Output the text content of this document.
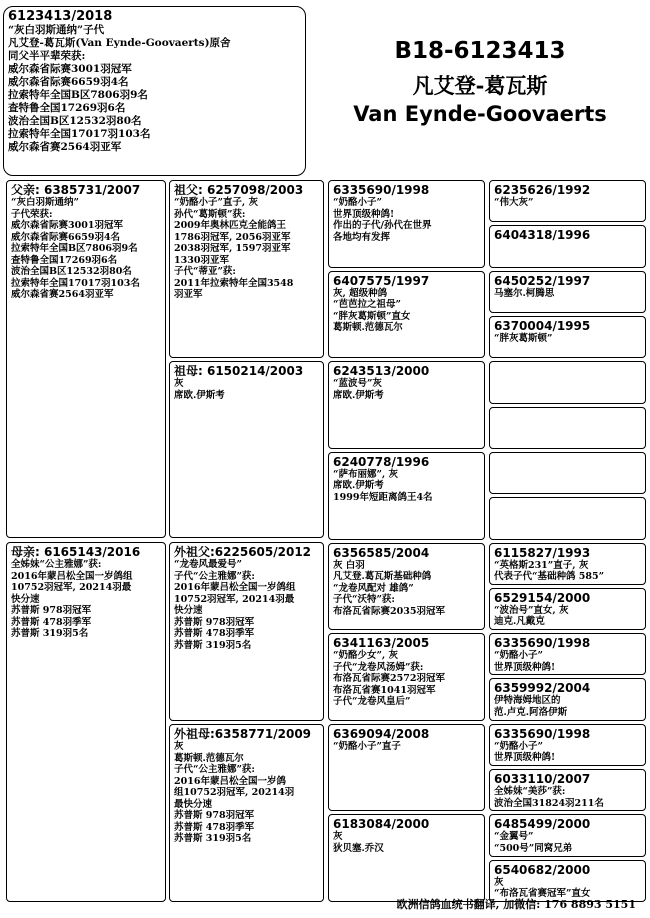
B18-6123413
凡艾登-葛瓦斯
Van Eynde-Goovaerts
6123413/2018
“灰白羽斯通纳”子代
凡艾登-葛瓦斯(Van Eynde-Goovaerts)原舍
同父半平辈荣获:
威尔森省际赛3001羽冠军
威尔森省际赛6659羽4名
拉索特年全国B区7806羽9名
查特鲁全国17269羽6名
波治全国B区12532羽80名
拉索特年全国17017羽103名
威尔森省赛2564羽亚军
父亲: 6385731/2007
“灰白羽斯通纳”
子代荣获:
威尔森省际赛3001羽冠军
威尔森省际赛6659羽4名
拉索特年全国B区7806羽9名
查特鲁全国17269羽6名
波治全国B区12532羽80名
拉索特年全国17017羽103名
威尔森省赛2564羽亚军
祖父: 6257098/2003
“奶酪小子”直子, 灰
孙代“葛斯顿”获:
2009年奥林匹克全能鸽王
1786羽冠军, 2056羽亚军
2038羽冠军, 1597羽亚军
1330羽亚军
子代“蒂亚”获:
2011年拉索特年全国3548
羽亚军
祖母: 6150214/2003
灰
席欧.伊斯考
母亲: 6165143/2016
全姊妹“公主雅娜”获:
2016年蒙吕松全国一岁鸽组
10752羽冠军, 20214羽最
快分速
苏普斯 978羽冠军
苏普斯 478羽季军
苏普斯 319羽5名
外祖父:6225605/2012
“龙卷风最爱号”
子代“公主雅娜”获:
2016年蒙吕松全国一岁鸽组
10752羽冠军, 20214羽最
快分速
苏普斯 978羽冠军
苏普斯 478羽季军
苏普斯 319羽5名
外祖母:6358771/2009
灰
葛斯顿.范德瓦尔
子代“公主雅娜”获:
2016年蒙吕松全国一岁鸽
组10752羽冠军, 20214羽
最快分速
苏普斯 978羽冠军
苏普斯 478羽季军
苏普斯 319羽5名
6335690/1998
“奶酪小子”
世界顶级种鸽!
作出的子代/孙代在世界
各地均有发挥
6407575/1997
灰, 超级种鸽
“芭芭拉之祖母”
“胖灰葛斯顿”直女
葛斯顿.范德瓦尔
6243513/2000
“蓝波号”灰
席欧.伊斯考
6240778/1996
“萨布丽娜”, 灰
席欧.伊斯考
1999年短距离鸽王4名
6356585/2004
灰 白羽
凡艾登.葛瓦斯基础种鸽
“龙卷风配对 雄鸽”
子代“沃特”获:
布洛瓦省际赛2035羽冠军
6341163/2005
“奶酪少女”, 灰
子代“龙卷风汤姆”获:
布洛瓦省际赛2572羽冠军
布洛瓦省赛1041羽冠军
子代“龙卷风皇后”
6369094/2008
“奶酪小子”直子
6183084/2000
灰
狄贝塞.乔汉
6235626/1992
“伟大灰”
6404318/1996
6450252/1997
马塞尔.柯腾思
6370004/1995
“胖灰葛斯顿”
6115827/1993
“英格斯231”直子, 灰
代表子代“基础种鸽 585”
6529154/2000
“波治号”直女, 灰
迪克.凡戴克
6335690/1998
“奶酪小子”
世界顶级种鸽!
6359992/2004
伊特海姆地区的
范.卢克.阿洛伊斯
6335690/1998
“奶酪小子”
世界顶级种鸽!
6033110/2007
全姊妹“美莎”获:
波治全国31824羽211名
6485499/2000
“金翼号”
“500号”同窝兄弟
6540682/2000
灰
“布洛瓦省赛冠军”直女
欧洲信鸽血统书翻译, 加微信: 176 8893 5151
